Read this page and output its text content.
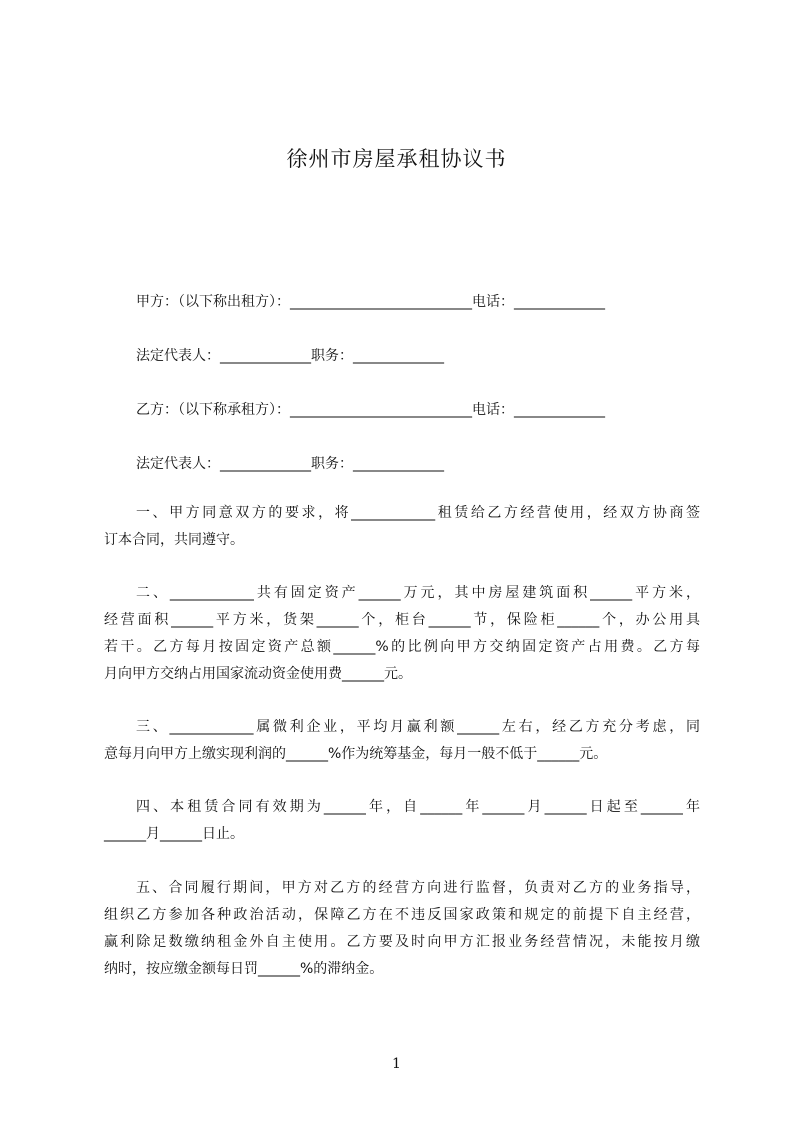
徐州市房屋承租协议书
甲方：（以下称出租方）：__________________________电话：_____________
法定代表人：_____________职务：_____________
乙方：（以下称承租方）：__________________________电话：_____________
法定代表人：_____________职务：_____________
一、甲方同意双方的要求，将____________租赁给乙方经营使用，经双方协商签
订本合同，共同遵守。
二、____________共有固定资产______万元，其中房屋建筑面积______平方米，
经营面积______平方米，货架______个，柜台______节，保险柜______个，办公用具
若干。乙方每月按固定资产总额______%的比例向甲方交纳固定资产占用费。乙方每
月向甲方交纳占用国家流动资金使用费______元。
三、____________属微利企业，平均月赢利额______左右，经乙方充分考虑，同
意每月向甲方上缴实现利润的______%作为统筹基金，每月一般不低于______元。
四、本租赁合同有效期为______年，自______年______月______日起至______年
______月______日止。
五、合同履行期间，甲方对乙方的经营方向进行监督，负责对乙方的业务指导，
组织乙方参加各种政治活动，保障乙方在不违反国家政策和规定的前提下自主经营，
赢利除足数缴纳租金外自主使用。乙方要及时向甲方汇报业务经营情况，未能按月缴
纳时，按应缴金额每日罚______%的滞纳金。
1
